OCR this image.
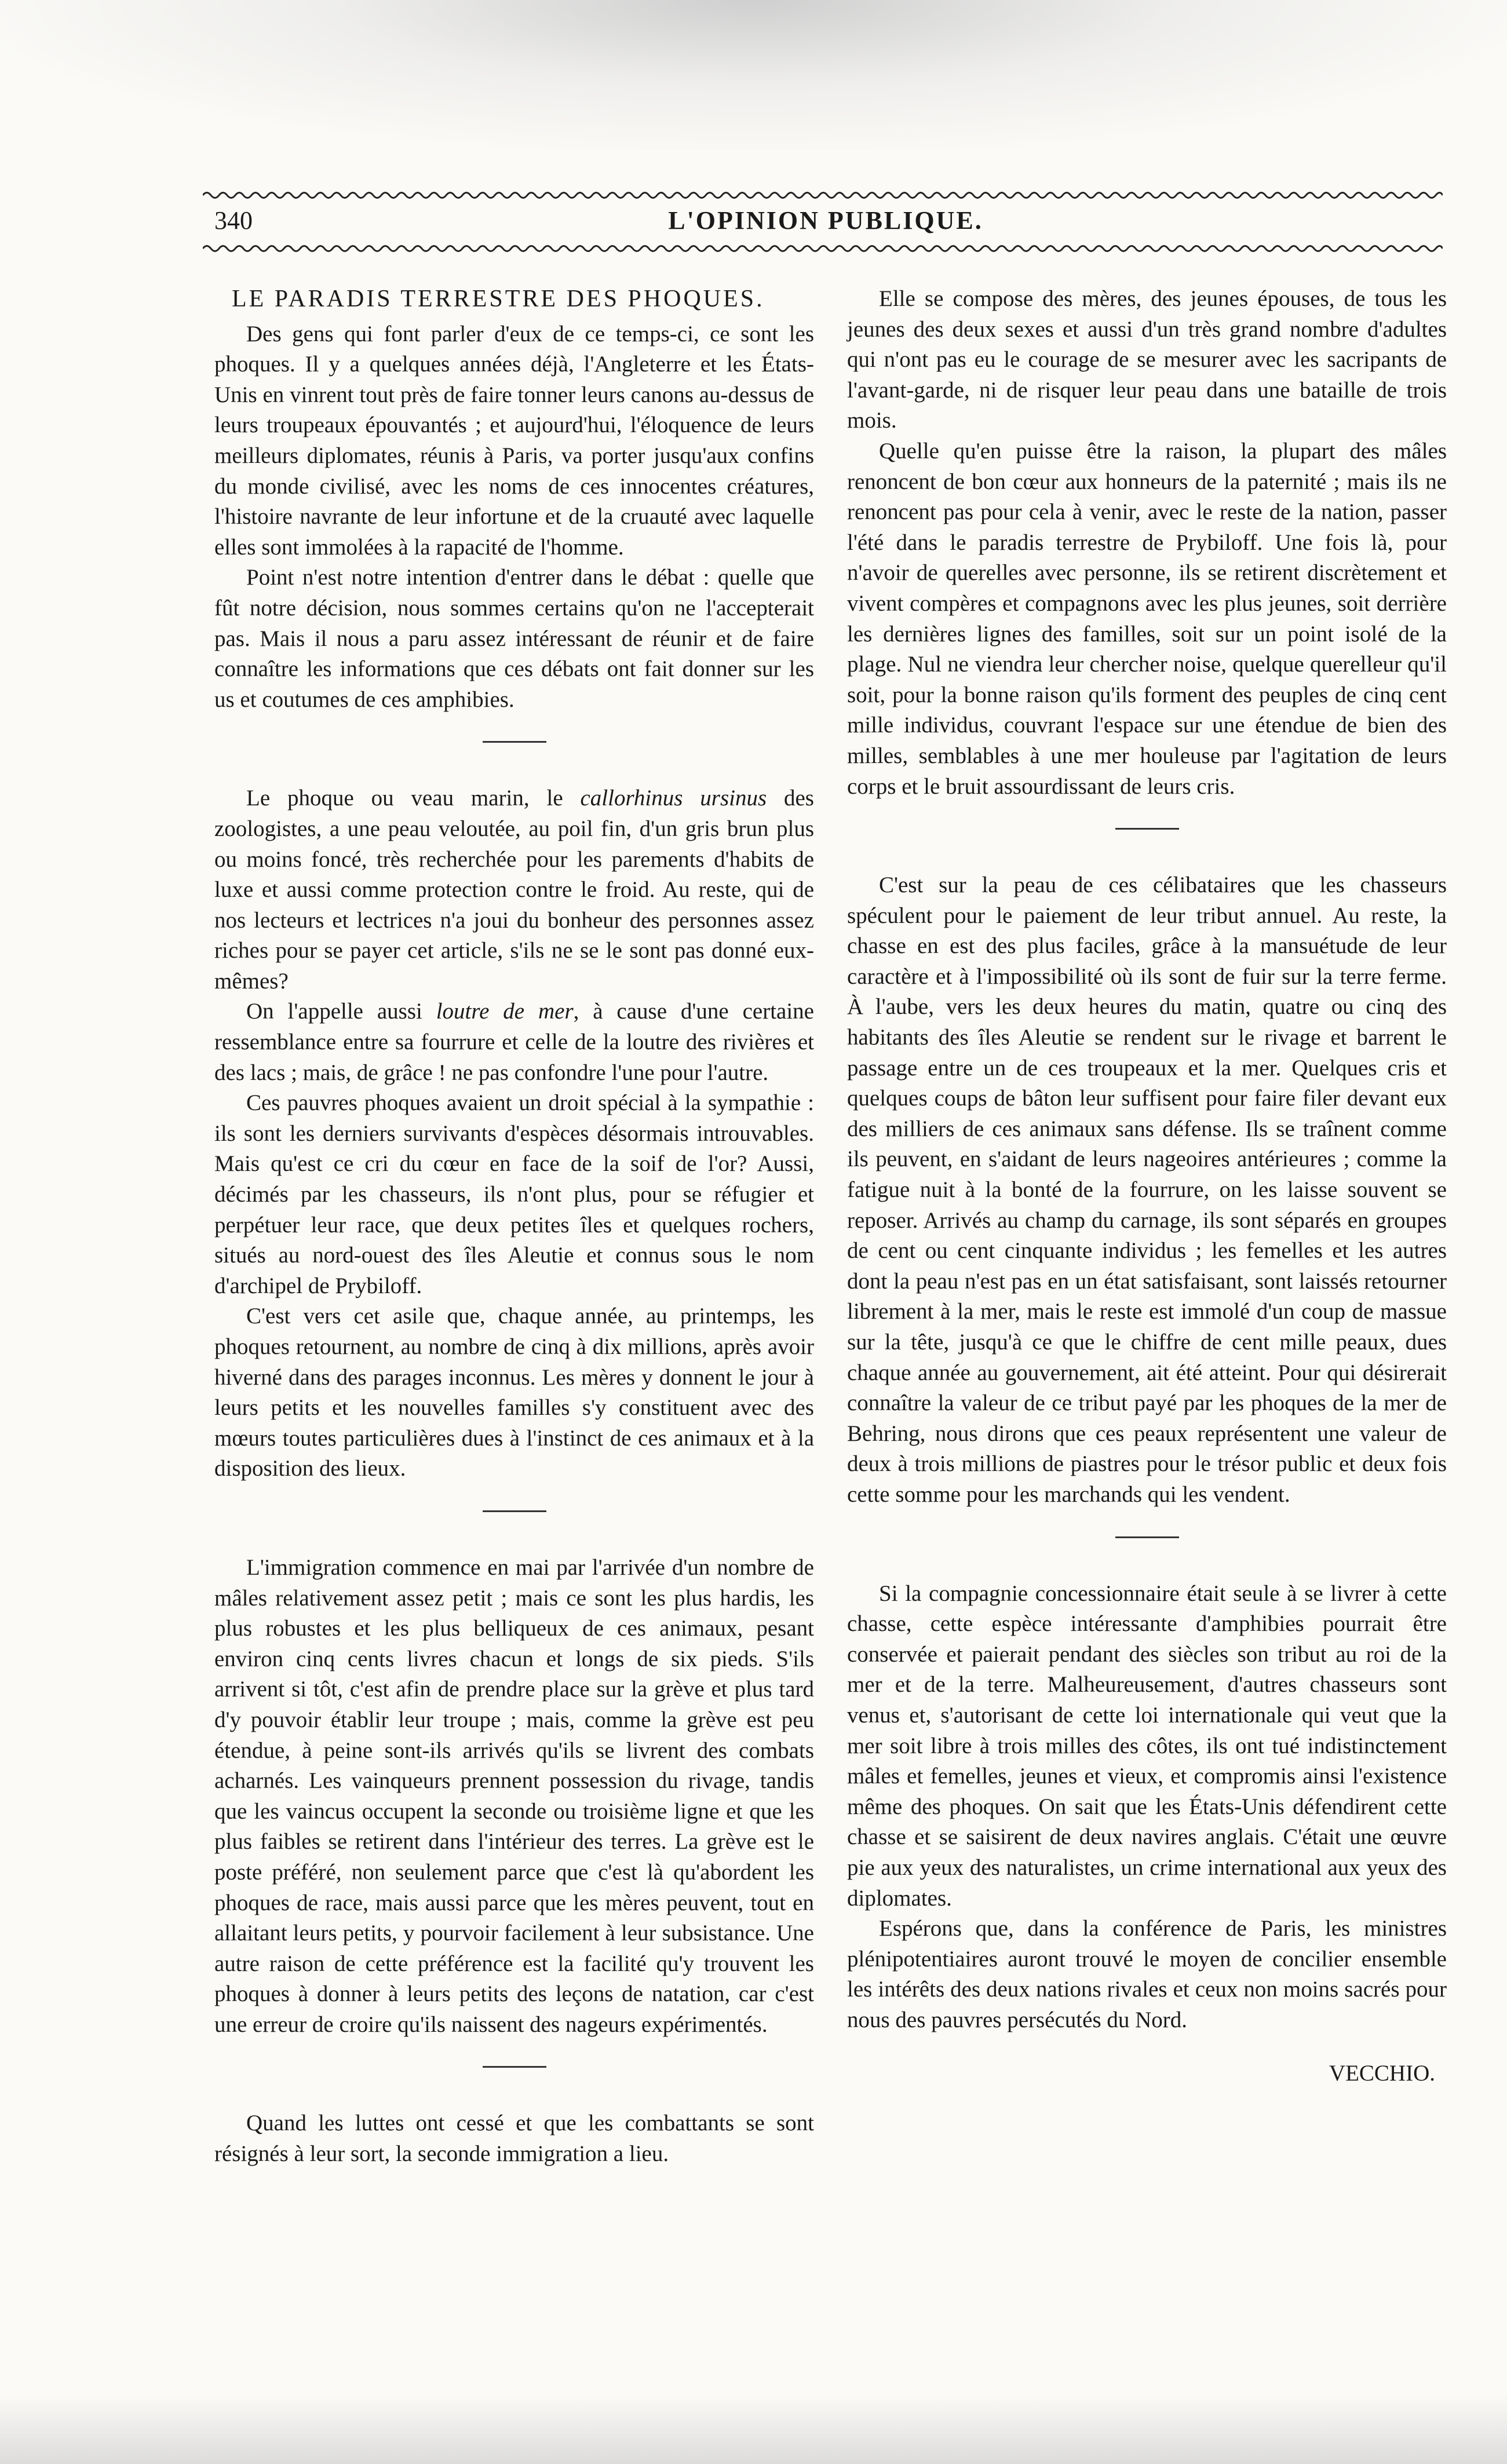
340	L'OPINION PUBLIQUE.
LE PARADIS TERRESTRE DES PHOQUES.

Des gens qui font parler d'eux de ce temps-ci, ce sont les phoques. Il y a quelques années déjà, l'Angleterre et les États-Unis en vinrent tout près de faire tonner leurs canons au-dessus de leurs troupeaux épouvantés ; et aujourd'hui, l'éloquence de leurs meilleurs diplomates, réunis à Paris, va porter jusqu'aux confins du monde civilisé, avec les noms de ces innocentes créatures, l'histoire navrante de leur infortune et de la cruauté avec laquelle elles sont immolées à la rapacité de l'homme.

Point n'est notre intention d'entrer dans le débat : quelle que fût notre décision, nous sommes certains qu'on ne l'accepterait pas. Mais il nous a paru assez intéressant de réunir et de faire connaître les informations que ces débats ont fait donner sur les us et coutumes de ces amphibies.

Le phoque ou veau marin, le callorhinus ursinus des zoologistes, a une peau veloutée, au poil fin, d'un gris brun plus ou moins foncé, très recherchée pour les parements d'habits de luxe et aussi comme protection contre le froid. Au reste, qui de nos lecteurs et lectrices n'a joui du bonheur des personnes assez riches pour se payer cet article, s'ils ne se le sont pas donné eux-mêmes?

On l'appelle aussi loutre de mer, à cause d'une certaine ressemblance entre sa fourrure et celle de la loutre des rivières et des lacs ; mais, de grâce ! ne pas confondre l'une pour l'autre.

Ces pauvres phoques avaient un droit spécial à la sympathie : ils sont les derniers survivants d'espèces désormais introuvables. Mais qu'est ce cri du cœur en face de la soif de l'or? Aussi, décimés par les chasseurs, ils n'ont plus, pour se réfugier et perpétuer leur race, que deux petites îles et quelques rochers, situés au nord-ouest des îles Aleutie et connus sous le nom d'archipel de Prybiloff.

C'est vers cet asile que, chaque année, au printemps, les phoques retournent, au nombre de cinq à dix millions, après avoir hiverné dans des parages inconnus. Les mères y donnent le jour à leurs petits et les nouvelles familles s'y constituent avec des mœurs toutes particulières dues à l'instinct de ces animaux et à la disposition des lieux.

L'immigration commence en mai par l'arrivée d'un nombre de mâles relativement assez petit ; mais ce sont les plus hardis, les plus robustes et les plus belliqueux de ces animaux, pesant environ cinq cents livres chacun et longs de six pieds. S'ils arrivent si tôt, c'est afin de prendre place sur la grève et plus tard d'y pouvoir établir leur troupe ; mais, comme la grève est peu étendue, à peine sont-ils arrivés qu'ils se livrent des combats acharnés. Les vainqueurs prennent possession du rivage, tandis que les vaincus occupent la seconde ou troisième ligne et que les plus faibles se retirent dans l'intérieur des terres. La grève est le poste préféré, non seulement parce que c'est là qu'abordent les phoques de race, mais aussi parce que les mères peuvent, tout en allaitant leurs petits, y pourvoir facilement à leur subsistance. Une autre raison de cette préférence est la facilité qu'y trouvent les phoques à donner à leurs petits des leçons de natation, car c'est une erreur de croire qu'ils naissent des nageurs expérimentés.

Quand les luttes ont cessé et que les combattants se sont résignés à leur sort, la seconde immigration a lieu.

Elle se compose des mères, des jeunes épouses, de tous les jeunes des deux sexes et aussi d'un très grand nombre d'adultes qui n'ont pas eu le courage de se mesurer avec les sacripants de l'avant-garde, ni de risquer leur peau dans une bataille de trois mois.

Quelle qu'en puisse être la raison, la plupart des mâles renoncent de bon cœur aux honneurs de la paternité ; mais ils ne renoncent pas pour cela à venir, avec le reste de la nation, passer l'été dans le paradis terrestre de Prybiloff. Une fois là, pour n'avoir de querelles avec personne, ils se retirent discrètement et vivent compères et compagnons avec les plus jeunes, soit derrière les dernières lignes des familles, soit sur un point isolé de la plage. Nul ne viendra leur chercher noise, quelque querelleur qu'il soit, pour la bonne raison qu'ils forment des peuples de cinq cent mille individus, couvrant l'espace sur une étendue de bien des milles, semblables à une mer houleuse par l'agitation de leurs corps et le bruit assourdissant de leurs cris.

C'est sur la peau de ces célibataires que les chasseurs spéculent pour le paiement de leur tribut annuel. Au reste, la chasse en est des plus faciles, grâce à la mansuétude de leur caractère et à l'impossibilité où ils sont de fuir sur la terre ferme. À l'aube, vers les deux heures du matin, quatre ou cinq des habitants des îles Aleutie se rendent sur le rivage et barrent le passage entre un de ces troupeaux et la mer. Quelques cris et quelques coups de bâton leur suffisent pour faire filer devant eux des milliers de ces animaux sans défense. Ils se traînent comme ils peuvent, en s'aidant de leurs nageoires antérieures ; comme la fatigue nuit à la bonté de la fourrure, on les laisse souvent se reposer. Arrivés au champ du carnage, ils sont séparés en groupes de cent ou cent cinquante individus ; les femelles et les autres dont la peau n'est pas en un état satisfaisant, sont laissés retourner librement à la mer, mais le reste est immolé d'un coup de massue sur la tête, jusqu'à ce que le chiffre de cent mille peaux, dues chaque année au gouvernement, ait été atteint. Pour qui désirerait connaître la valeur de ce tribut payé par les phoques de la mer de Behring, nous dirons que ces peaux représentent une valeur de deux à trois millions de piastres pour le trésor public et deux fois cette somme pour les marchands qui les vendent.

Si la compagnie concessionnaire était seule à se livrer à cette chasse, cette espèce intéressante d'amphibies pourrait être conservée et paierait pendant des siècles son tribut au roi de la mer et de la terre. Malheureusement, d'autres chasseurs sont venus et, s'autorisant de cette loi internationale qui veut que la mer soit libre à trois milles des côtes, ils ont tué indistinctement mâles et femelles, jeunes et vieux, et compromis ainsi l'existence même des phoques. On sait que les États-Unis défendirent cette chasse et se saisirent de deux navires anglais. C'était une œuvre pie aux yeux des naturalistes, un crime international aux yeux des diplomates.

Espérons que, dans la conférence de Paris, les ministres plénipotentiaires auront trouvé le moyen de concilier ensemble les intérêts des deux nations rivales et ceux non moins sacrés pour nous des pauvres persécutés du Nord.

VECCHIO.
